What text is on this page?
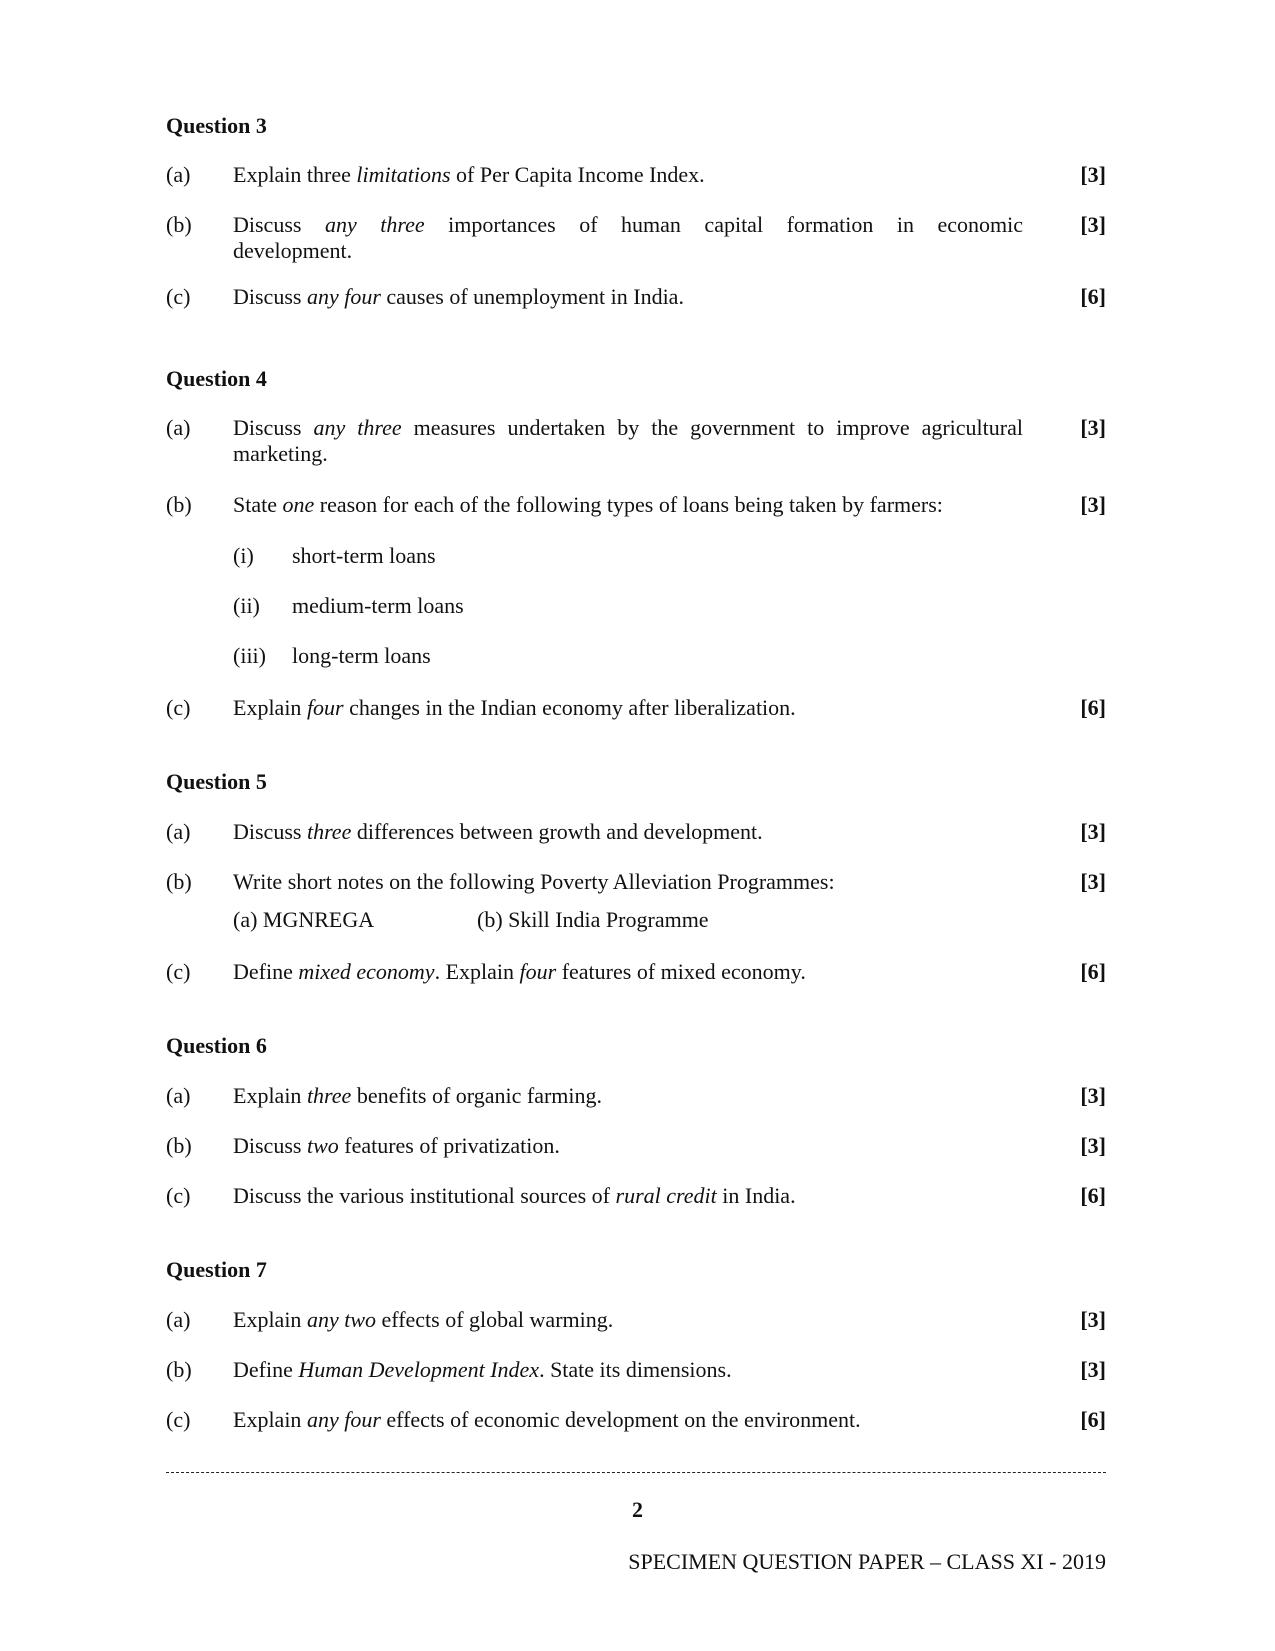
Question 3
(a) Explain three limitations of Per Capita Income Index.	[3]
(b) Discuss any three importances of human capital formation in economic
development.
[3]
(c) Discuss any four causes of unemployment in India.	[6]
Question 4
(a) Discuss any three measures undertaken by the government to improve agricultural
marketing.
[3]
(b) State one reason for each of the following types of loans being taken by farmers:	[3]
(i) short-term loans
(ii) medium-term loans
(iii) long-term loans
(c) Explain four changes in the Indian economy after liberalization.	[6]
Question 5
(a) Discuss three differences between growth and development.	[3]
(b) Write short notes on the following Poverty Alleviation Programmes:
(a) MGNREGA	(b) Skill India Programme
[3]
(c) Define mixed economy. Explain four features of mixed economy.	[6]
Question 6
(a) Explain three benefits of organic farming.	[3]
(b) Discuss two features of privatization.	[3]
(c) Discuss the various institutional sources of rural credit in India.	[6]
Question 7
(a) Explain any two effects of global warming.	[3]
(b) Define Human Development Index. State its dimensions.	[3]
(c) Explain any four effects of economic development on the environment.	[6]
2
SPECIMEN QUESTION PAPER – CLASS XI - 2019
